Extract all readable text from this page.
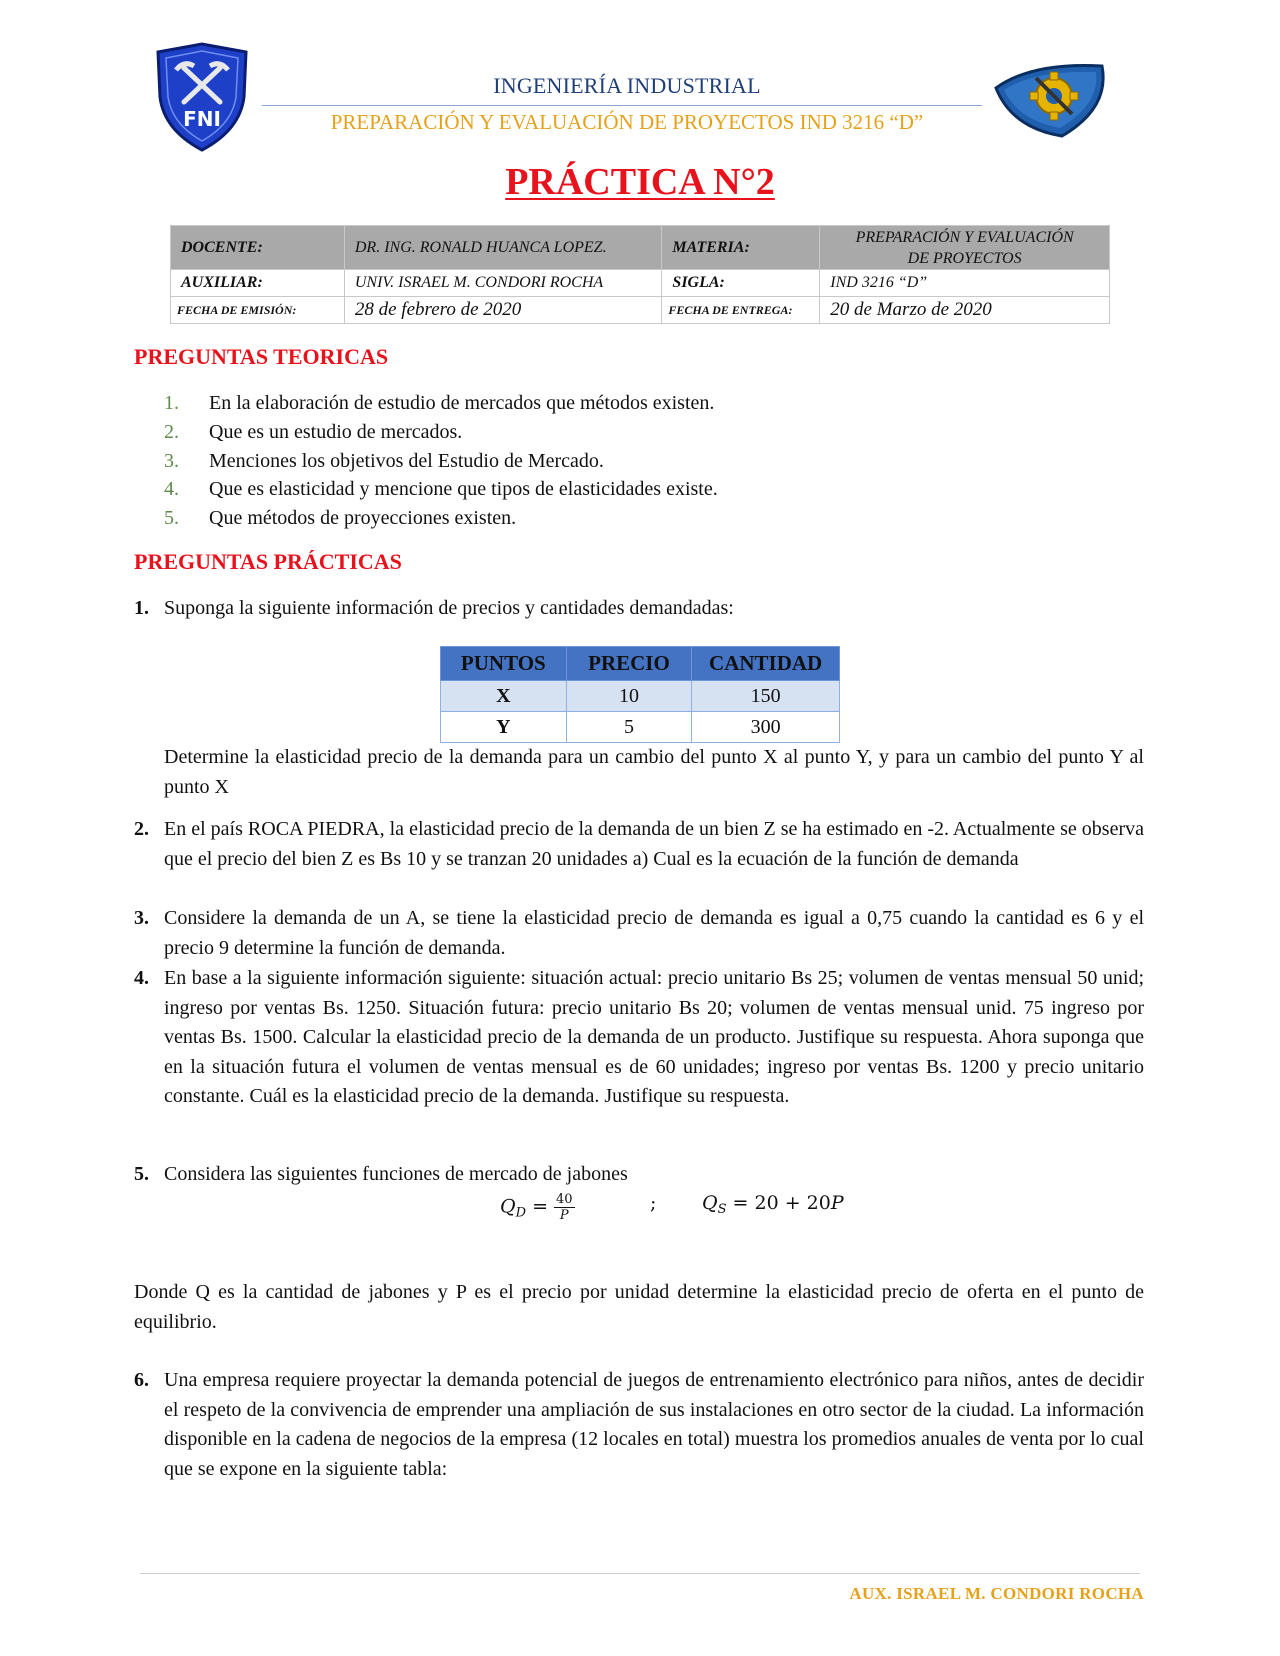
FNI
INGENIERÍA INDUSTRIAL
PREPARACIÓN Y EVALUACIÓN DE PROYECTOS IND 3216 “D”
PRÁCTICA N°2
DOCENTE:	DR. ING. RONALD HUANCA LOPEZ.	MATERIA:	PREPARACIÓN Y EVALUACIÓN
DE PROYECTOS
AUXILIAR:	UNIV. ISRAEL M. CONDORI ROCHA	SIGLA:	IND 3216 “D”
FECHA DE EMISIÓN:	28 de febrero de 2020	FECHA DE ENTREGA:	20 de Marzo de 2020
PREGUNTAS TEORICAS
1. En la elaboración de estudio de mercados que métodos existen.
2. Que es un estudio de mercados.
3. Menciones los objetivos del Estudio de Mercado.
4. Que es elasticidad y mencione que tipos de elasticidades existe.
5. Que métodos de proyecciones existen.
PREGUNTAS PRÁCTICAS
1. Suponga la siguiente información de precios y cantidades demandadas:
PUNTOS	PRECIO	CANTIDAD
X	10	150
Y	5	300
Determine la elasticidad precio de la demanda para un cambio del punto X al punto Y, y para un cambio del punto Y al punto X
2. En el país ROCA PIEDRA, la elasticidad precio de la demanda de un bien Z se ha estimado en -2. Actualmente se observa que el precio del bien Z es Bs 10 y se tranzan 20 unidades a) Cual es la ecuación de la función de demanda
3. Considere la demanda de un A, se tiene la elasticidad precio de demanda es igual a 0,75 cuando la cantidad es 6 y el precio 9 determine la función de demanda.
4. En base a la siguiente información siguiente: situación actual: precio unitario Bs 25; volumen de ventas mensual 50 unid; ingreso por ventas Bs. 1250. Situación futura: precio unitario Bs 20; volumen de ventas mensual unid. 75 ingreso por ventas Bs. 1500. Calcular la elasticidad precio de la demanda de un producto. Justifique su respuesta. Ahora suponga que en la situación futura el volumen de ventas mensual es de 60 unidades; ingreso por ventas Bs. 1200 y precio unitario constante. Cuál es la elasticidad precio de la demanda. Justifique su respuesta.
5. Considera las siguientes funciones de mercado de jabones
$Q_D = \frac{40}{P}$	; $Q_S = 20 + 20P$
Donde Q es la cantidad de jabones y P es el precio por unidad determine la elasticidad precio de oferta en el punto de equilibrio.
6. Una empresa requiere proyectar la demanda potencial de juegos de entrenamiento electrónico para niños, antes de decidir el respeto de la convivencia de emprender una ampliación de sus instalaciones en otro sector de la ciudad. La información disponible en la cadena de negocios de la empresa (12 locales en total) muestra los promedios anuales de venta por lo cual que se expone en la siguiente tabla:
AUX. ISRAEL M. CONDORI ROCHA
